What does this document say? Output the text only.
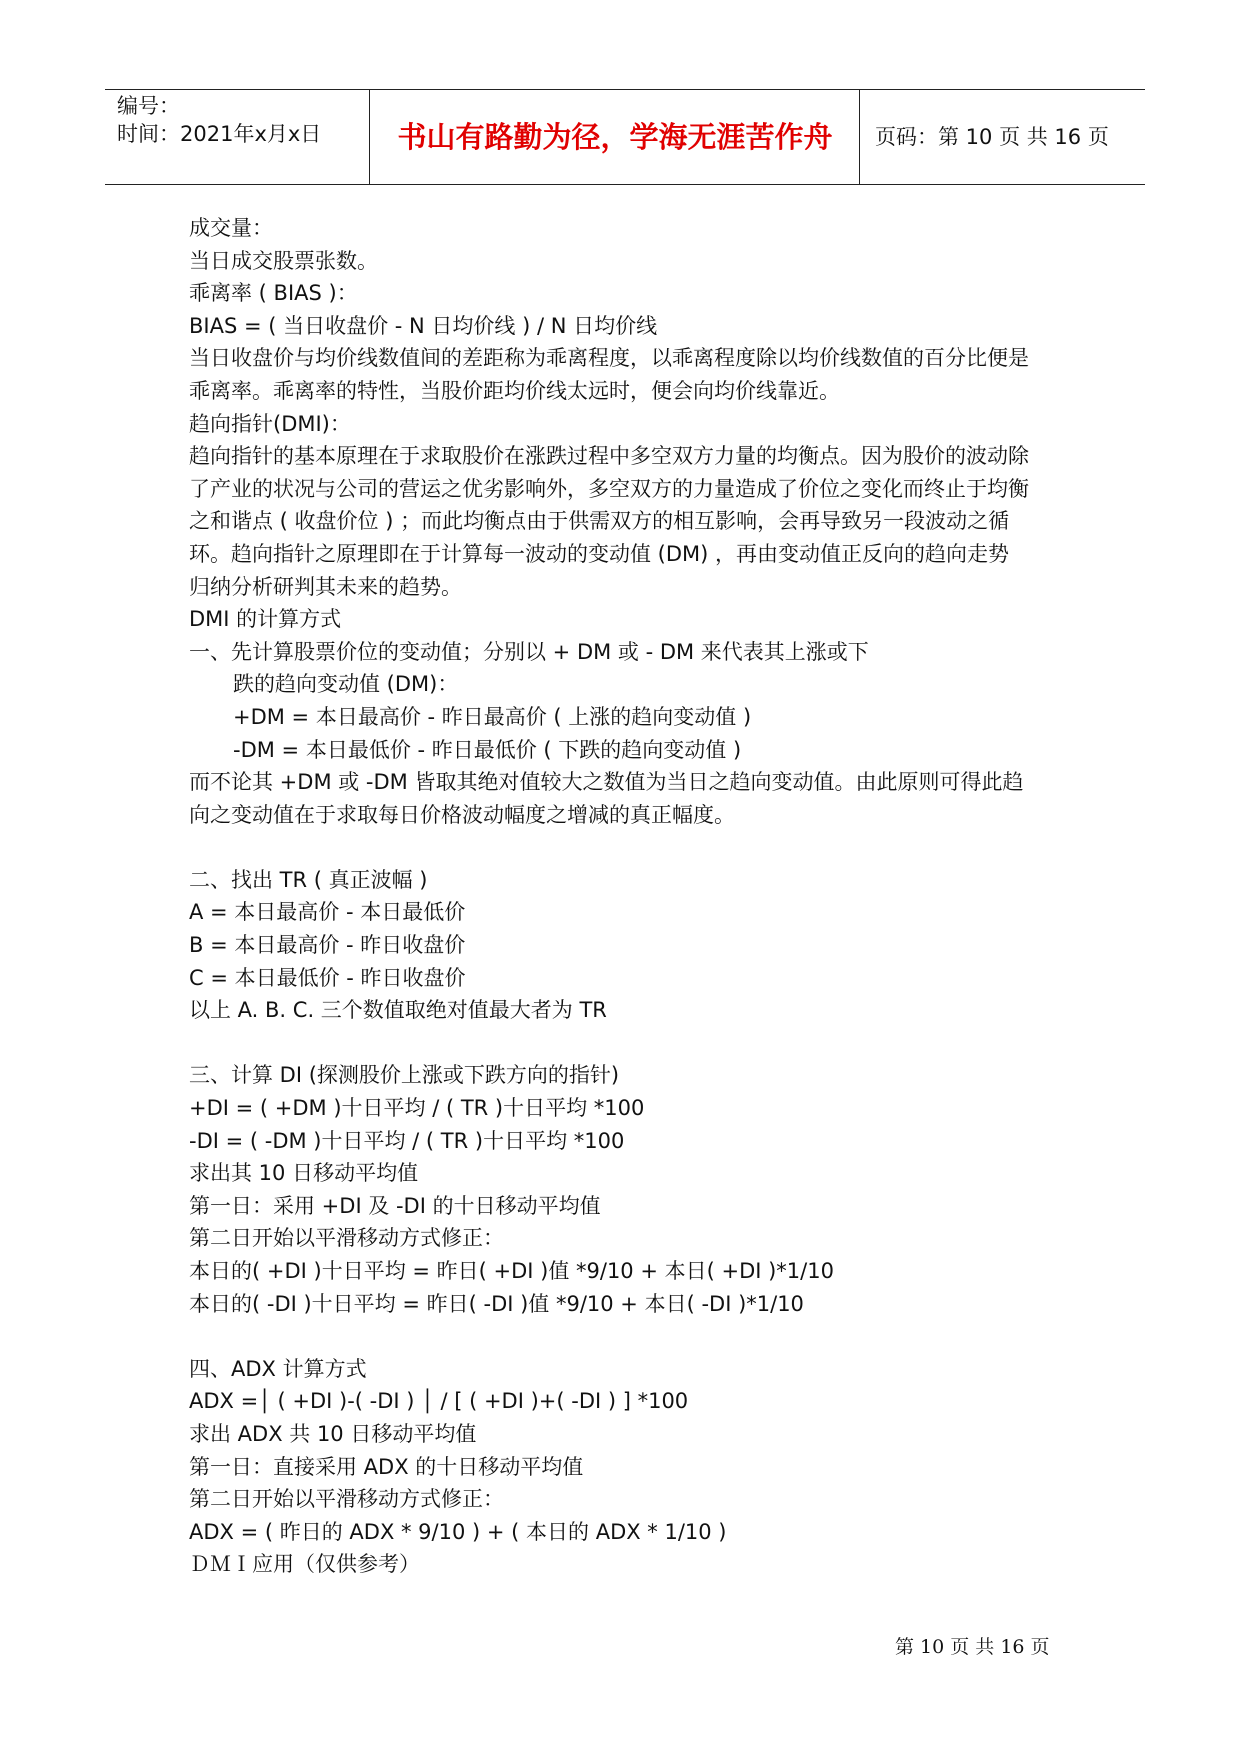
编号：
时间：2021年x月x日	书山有路勤为径，学海无涯苦作舟	页码：第 10 页 共 16 页
成交量：
当日成交股票张数。
乖离率 ( BIAS )：
BIAS = ( 当日收盘价 - N 日均价线 ) / N 日均价线
当日收盘价与均价线数值间的差距称为乖离程度，以乖离程度除以均价线数值的百分比便是
乖离率。乖离率的特性，当股价距均价线太远时，便会向均价线靠近。
趋向指针(DMI)：
趋向指针的基本原理在于求取股价在涨跌过程中多空双方力量的均衡点。因为股价的波动除
了产业的状况与公司的营运之优劣影响外，多空双方的力量造成了价位之变化而终止于均衡
之和谐点 ( 收盘价位 ) ；而此均衡点由于供需双方的相互影响，会再导致另一段波动之循
环。趋向指针之原理即在于计算每一波动的变动值 (DM) ，再由变动值正反向的趋向走势
归纳分析研判其未来的趋势。
DMI 的计算方式
一、先计算股票价位的变动值；分别以 + DM 或 - DM 来代表其上涨或下
跌的趋向变动值 (DM)：
+DM = 本日最高价 - 昨日最高价 ( 上涨的趋向变动值 )
-DM = 本日最低价 - 昨日最低价 ( 下跌的趋向变动值 )
而不论其 +DM 或 -DM 皆取其绝对值较大之数值为当日之趋向变动值。由此原则可得此趋
向之变动值在于求取每日价格波动幅度之增减的真正幅度。
二、找出 TR ( 真正波幅 )
A = 本日最高价 - 本日最低价
B = 本日最高价 - 昨日收盘价
C = 本日最低价 - 昨日收盘价
以上 A. B. C. 三个数值取绝对值最大者为 TR
三、计算 DI (探测股价上涨或下跌方向的指针)
+DI = ( +DM )十日平均 / ( TR )十日平均 *100
-DI = ( -DM )十日平均 / ( TR )十日平均 *100
求出其 10 日移动平均值
第一日：采用 +DI 及 -DI 的十日移动平均值
第二日开始以平滑移动方式修正：
本日的( +DI )十日平均 = 昨日( +DI )值 *9/10 + 本日( +DI )*1/10
本日的( -DI )十日平均 = 昨日( -DI )值 *9/10 + 本日( -DI )*1/10
四、ADX 计算方式
ADX =│ ( +DI )-( -DI ) │ / [ ( +DI )+( -DI ) ] *100
求出 ADX 共 10 日移动平均值
第一日：直接采用 ADX 的十日移动平均值
第二日开始以平滑移动方式修正：
ADX = ( 昨日的 ADX * 9/10 ) + ( 本日的 ADX * 1/10 )
ＤＭＩ应用（仅供参考）
第 10 页 共 16 页
